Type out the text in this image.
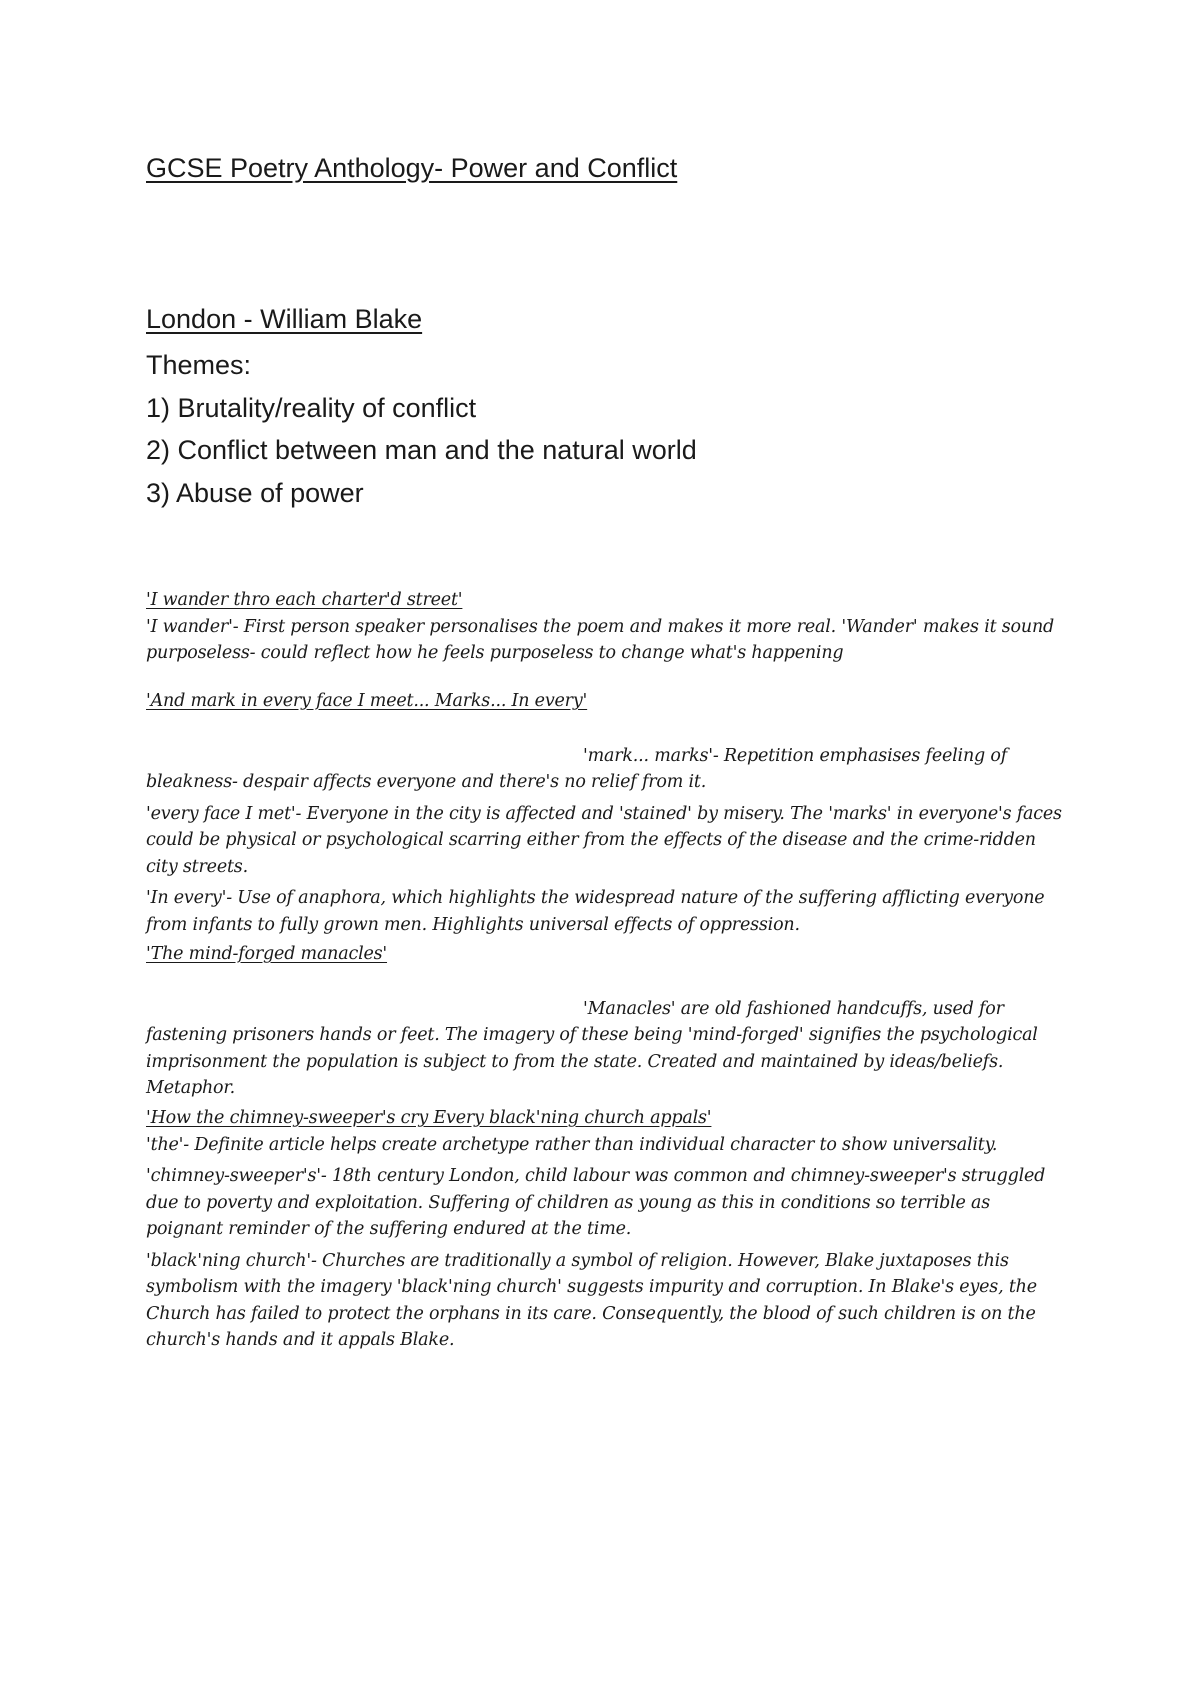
GCSE Poetry Anthology- Power and Conflict
London - William Blake
Themes:
1) Brutality/reality of conflict
2) Conflict between man and the natural world
3) Abuse of power
'I wander thro each charter'd street'
'I wander'- First person speaker personalises the poem and makes it more real. 'Wander' makes it sound purposeless- could reflect how he feels purposeless to change what's happening
'And mark in every face I meet... Marks... In every'
'mark... marks'- Repetition emphasises feeling of bleakness- despair affects everyone and there's no relief from it.
'every face I met'- Everyone in the city is affected and 'stained' by misery. The 'marks' in everyone's faces could be physical or psychological scarring either from the effects of the disease and the crime-ridden city streets.
'In every'- Use of anaphora, which highlights the widespread nature of the suffering afflicting everyone from infants to fully grown men. Highlights universal effects of oppression.
'The mind-forged manacles'
'Manacles' are old fashioned handcuffs, used for fastening prisoners hands or feet. The imagery of these being 'mind-forged' signifies the psychological imprisonment the population is subject to from the state. Created and maintained by ideas/beliefs. Metaphor.
'How the chimney-sweeper's cry Every black'ning church appals'
'the'- Definite article helps create archetype rather than individual character to show universality.
'chimney-sweeper's'- 18th century London, child labour was common and chimney-sweeper's struggled due to poverty and exploitation. Suffering of children as young as this in conditions so terrible as poignant reminder of the suffering endured at the time.
'black'ning church'- Churches are traditionally a symbol of religion. However, Blake juxtaposes this symbolism with the imagery 'black'ning church' suggests impurity and corruption. In Blake's eyes, the Church has failed to protect the orphans in its care. Consequently, the blood of such children is on the church's hands and it appals Blake.
